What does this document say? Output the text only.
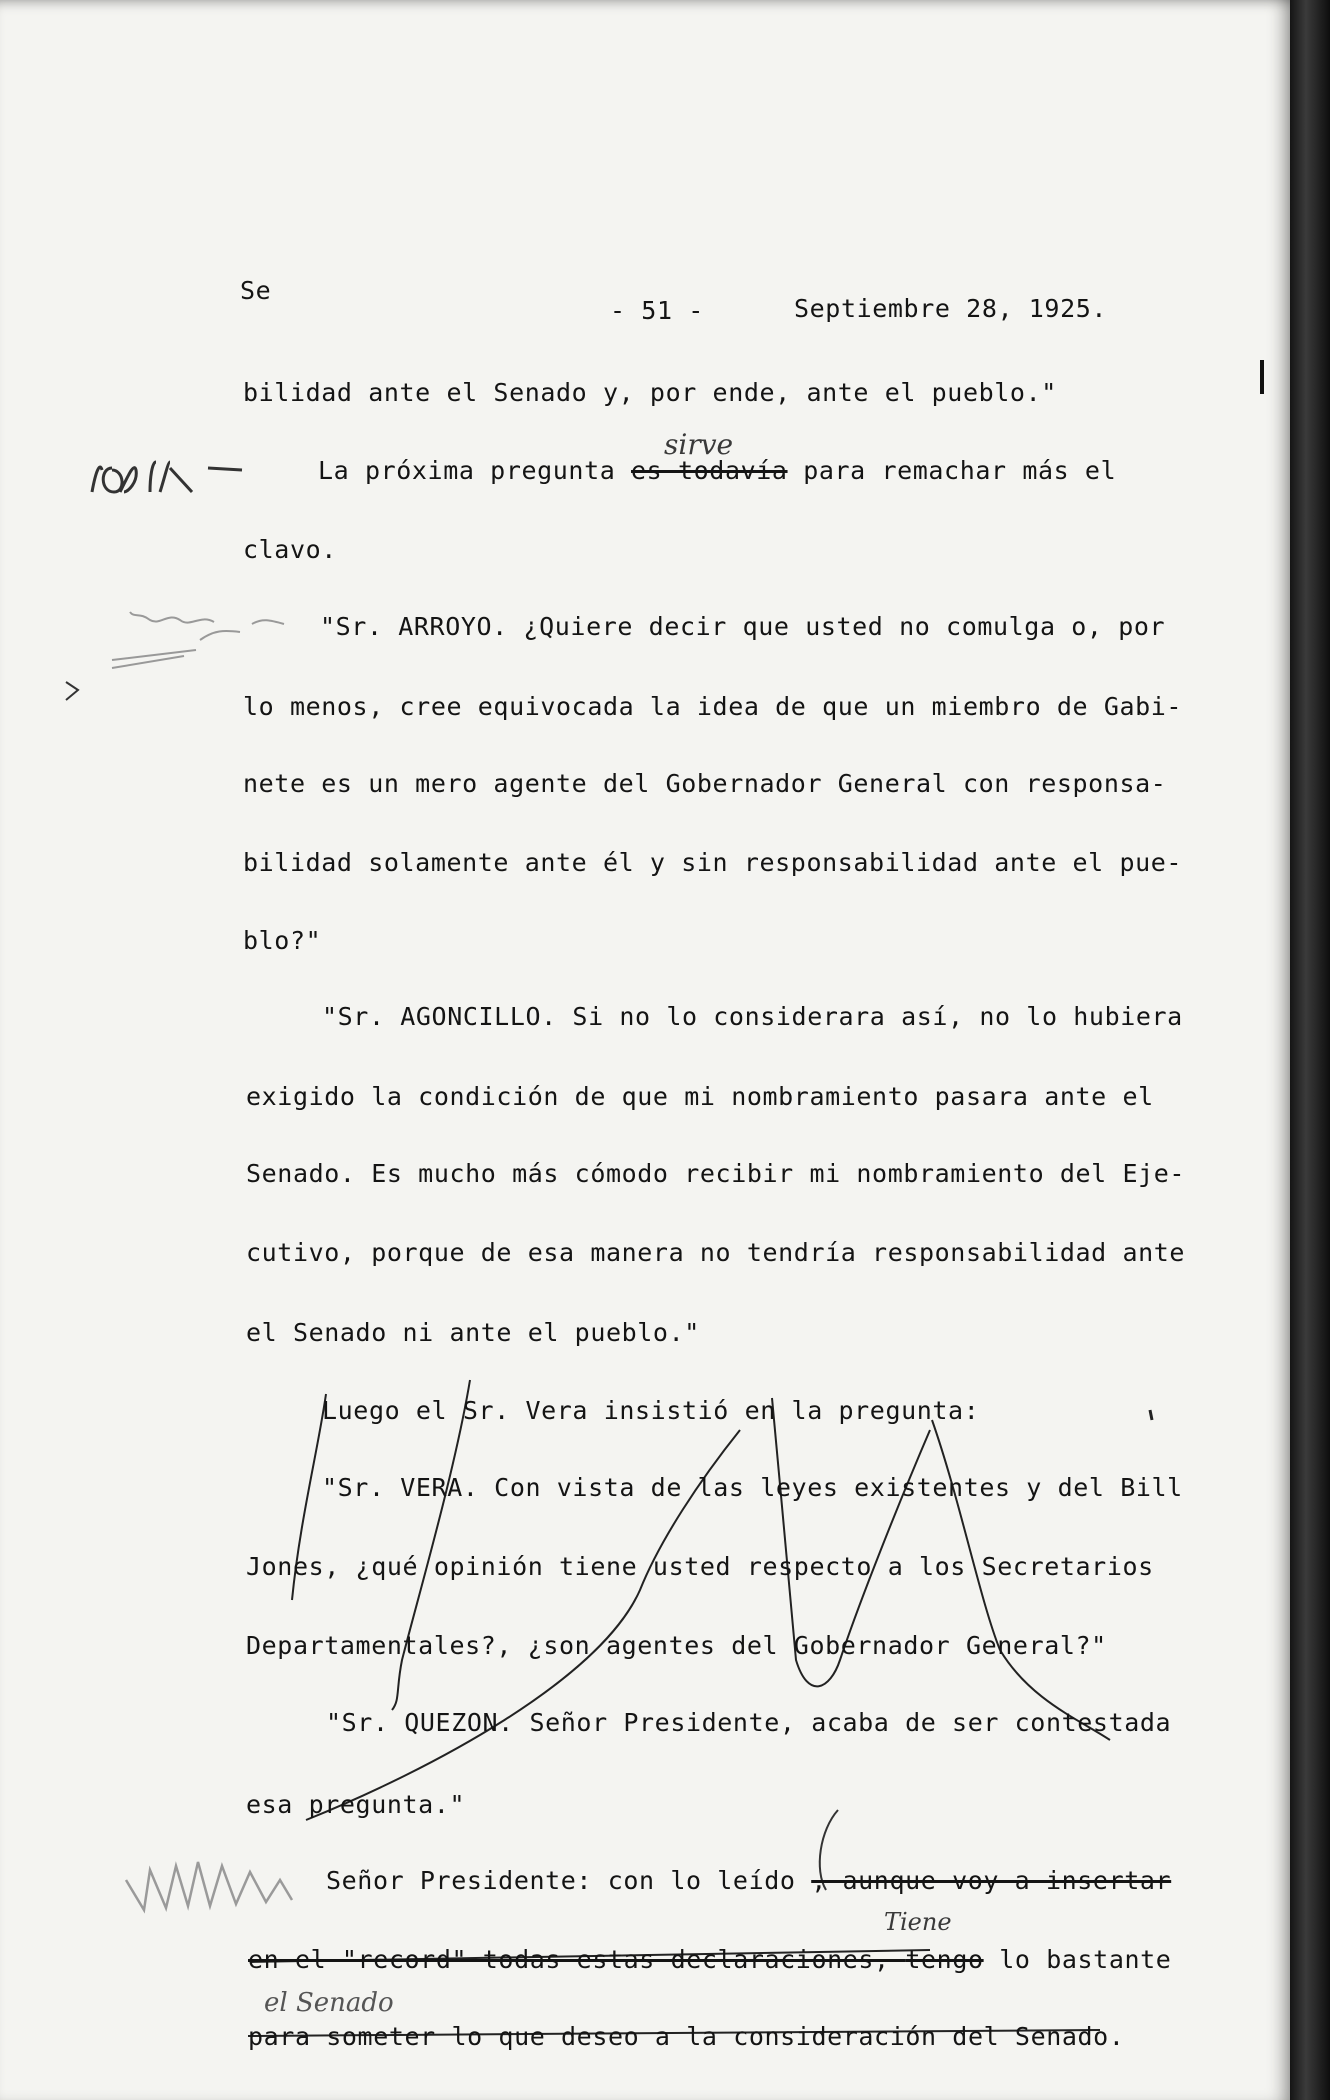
Se
- 51 -	Septiembre 28, 1925.
bilidad ante el Senado y, por ende, ante el pueblo."
sirve
La próxima pregunta es todavía para remachar más el
clavo.
"Sr. ARROYO. ¿Quiere decir que usted no comulga o, por
lo menos, cree equivocada la idea de que un miembro de Gabi-
nete es un mero agente del Gobernador General con responsa-
bilidad solamente ante él y sin responsabilidad ante el pue-
blo?"
"Sr. AGONCILLO. Si no lo considerara así, no lo hubiera
exigido la condición de que mi nombramiento pasara ante el
Senado. Es mucho más cómodo recibir mi nombramiento del Eje-
cutivo, porque de esa manera no tendría responsabilidad ante
el Senado ni ante el pueblo."
Luego el Sr. Vera insistió en la pregunta:
"Sr. VERA. Con vista de las leyes existentes y del Bill
Jones, ¿qué opinión tiene usted respecto a los Secretarios
Departamentales?, ¿son agentes del Gobernador General?"
"Sr. QUEZON. Señor Presidente, acaba de ser contestada
esa pregunta."
Señor Presidente: con lo leído , aunque voy a insertar
Tiene
en el "record" todas estas declaraciones, tengo lo bastante
el Senado
para someter lo que deseo a la consideración del Senado.
